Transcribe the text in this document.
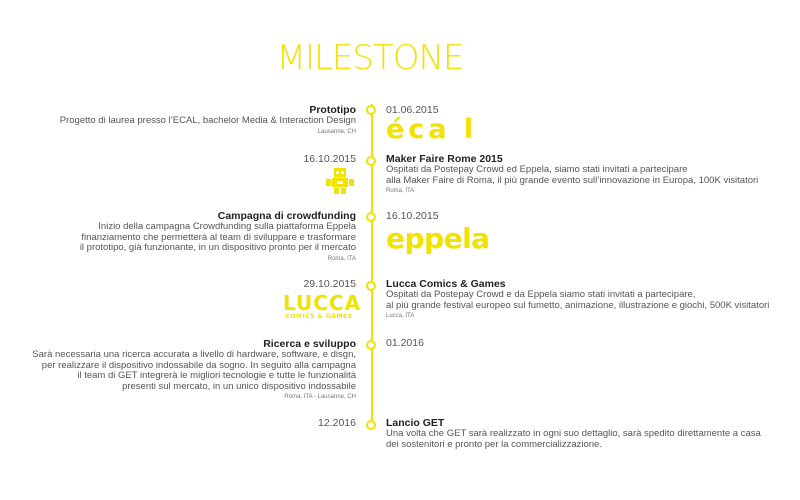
MILESTONE
Prototipo
Progetto di laurea presso l’ECAL, bachelor Media & Interaction Design
Lausanne, CH
01.06.2015
éca l
16.10.2015	Maker Faire Rome 2015
Ospitati da Postepay Crowd ed Eppela, siamo stati invitati a partecipare
alla Maker Faire di Roma, il più grande evento sull’innovazione in Europa, 100K visitatori
Roma, ITA
Campagna di crowdfunding
Inizio della campagna Crowdfunding sulla piattaforma Eppela
finanziamento che permetterà al team di sviluppare e trasformare
il prototipo, già funzionante, in un dispositivo pronto per il mercato
Roma, ITA
16.10.2015
eppela
29.10.2015
LUCCA
COMICS & GAMES
Lucca Comics & Games
Ospitati da Postepay Crowd e da Eppela siamo stati invitati a partecipare,
al più grande festival europeo sul fumetto, animazione, illustrazione e giochi, 500K visitatori
Lucca, ITA
Ricerca e sviluppo
Sarà necessaria una ricerca accurata a livello di hardware, software, e disgn,
per realizzare il dispositivo indossabile da sogno. In seguito alla campagna
il team di GET integrerà le migliori tecnologie e tutte le funzionalità
presenti sul mercato, in un unico dispositivo indossabile
Roma, ITA - Lausanne, CH
01.2016
12.2016	Lancio GET
Una volta che GET sarà realizzato in ogni suo dettaglio, sarà spedito direttamente a casa
dei sostenitori e pronto per la commercializzazione.
